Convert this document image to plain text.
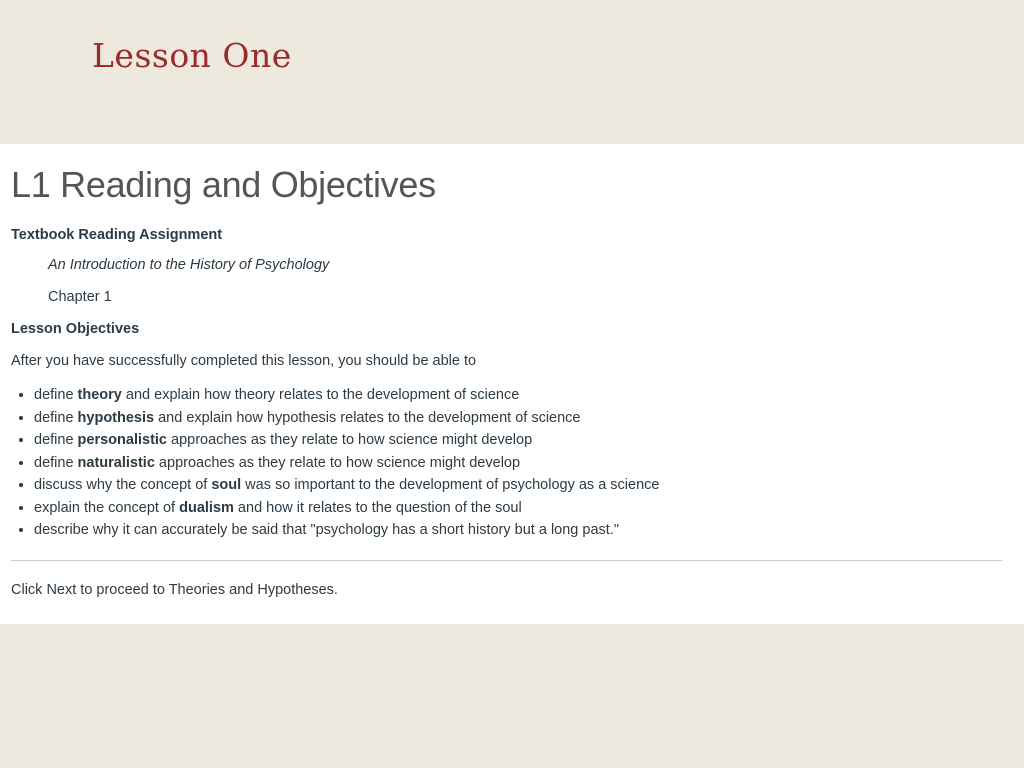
Lesson One
L1 Reading and Objectives

Textbook Reading Assignment

An Introduction to the History of Psychology

Chapter 1

Lesson Objectives

After you have successfully completed this lesson, you should be able to

• define theory and explain how theory relates to the development of science
• define hypothesis and explain how hypothesis relates to the development of science
• define personalistic approaches as they relate to how science might develop
• define naturalistic approaches as they relate to how science might develop
• discuss why the concept of soul was so important to the development of psychology as a science
• explain the concept of dualism and how it relates to the question of the soul
• describe why it can accurately be said that "psychology has a short history but a long past."

Click Next to proceed to Theories and Hypotheses.
